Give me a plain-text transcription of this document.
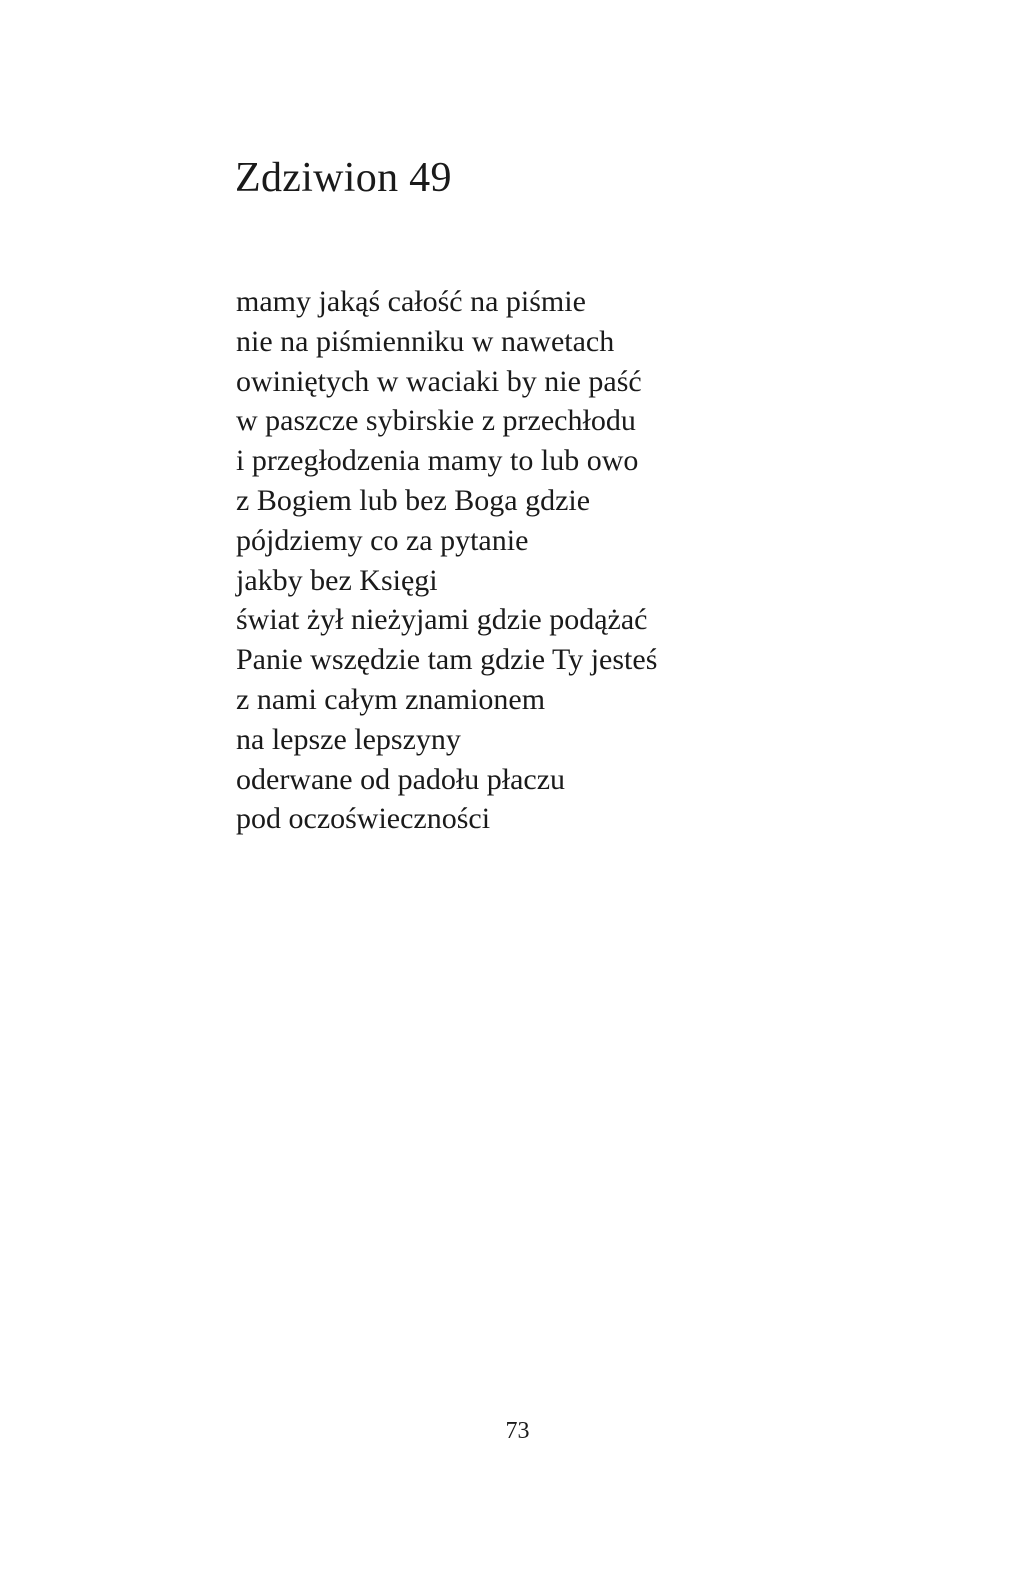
Zdziwion 49
mamy jakąś całość na piśmie
nie na piśmienniku w nawetach
owiniętych w waciaki by nie paść
w paszcze sybirskie z przechłodu
i przegłodzenia mamy to lub owo
z Bogiem lub bez Boga gdzie
pójdziemy co za pytanie
jakby bez Księgi
świat żył nieżyjami gdzie podążać
Panie wszędzie tam gdzie Ty jesteś
z nami całym znamionem
na lepsze lepszyny
oderwane od padołu płaczu
pod oczoświeczności
73
